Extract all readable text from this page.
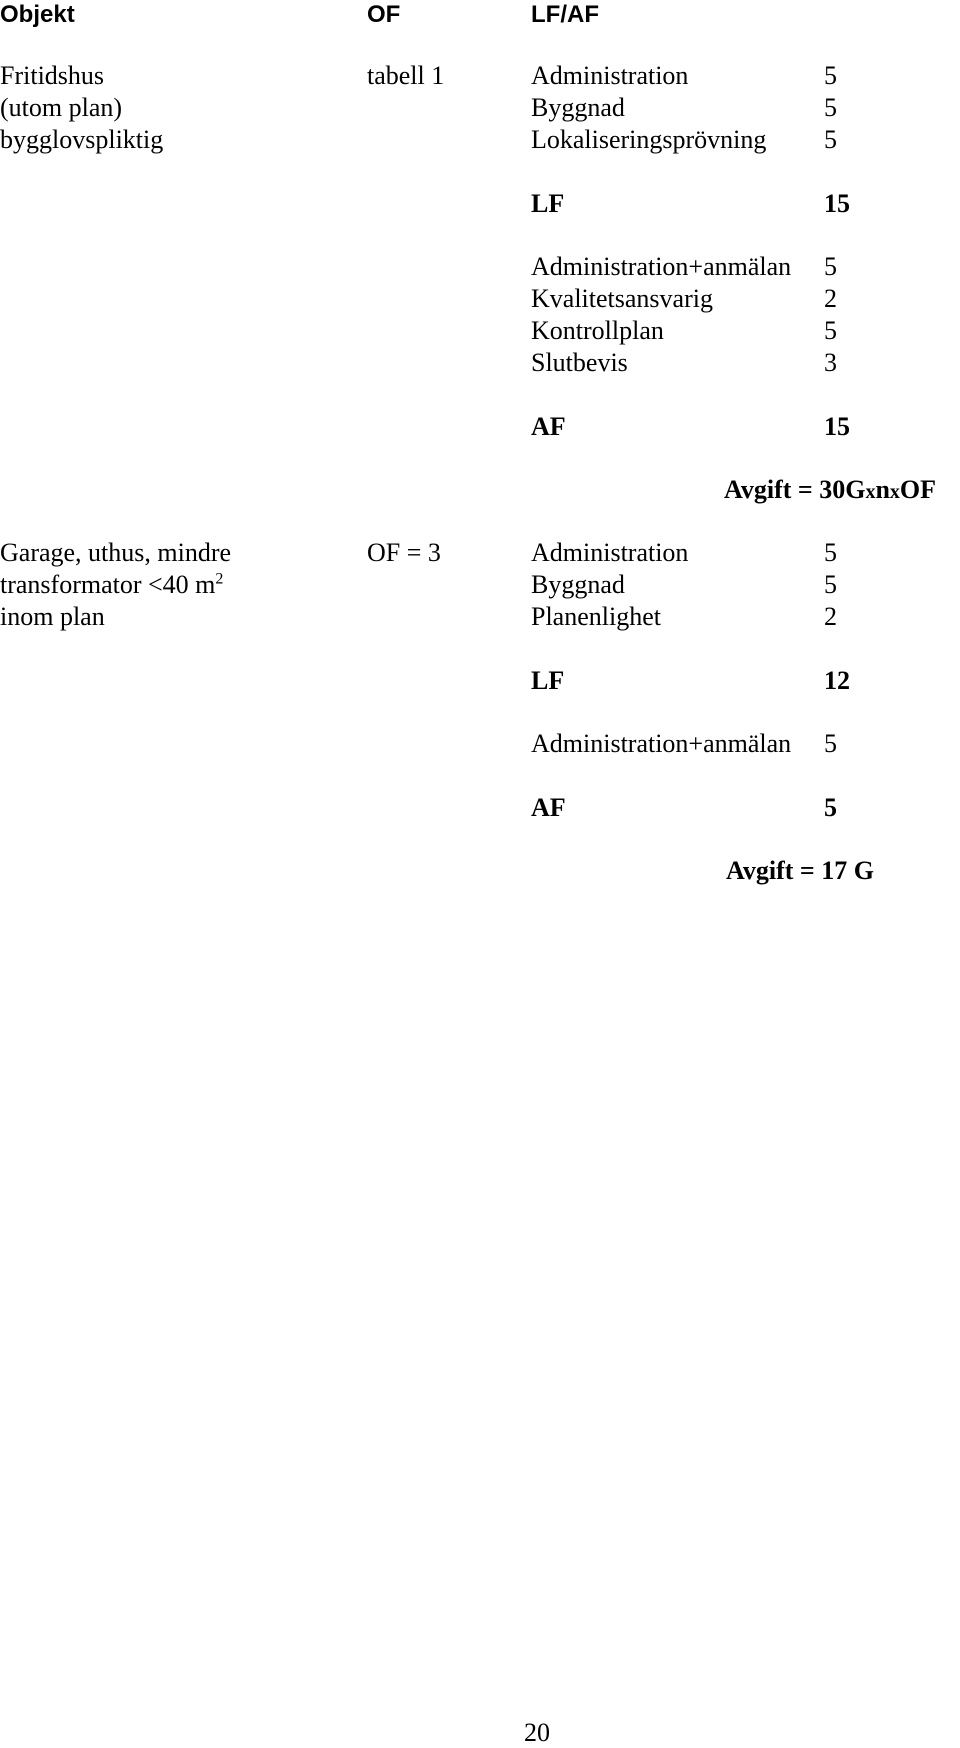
Objekt	OF	LF/AF
Fritidshus
(utom plan)
bygglovspliktig
tabell 1	Administration	5
Byggnad	5
Lokaliseringsprövning 5
LF	15
Administration+anmälan 5
Kvalitetsansvarig	2
Kontrollplan	5
Slutbevis	3
AF	15
Avgift = 30GxnxOF
Garage, uthus, mindre
transformator <40 $m^2$
inom plan
OF = 3	Administration	5
Byggnad	5
Planenlighet	2
LF	12
Administration+anmälan 5
AF	5
Avgift = 17 G
20
